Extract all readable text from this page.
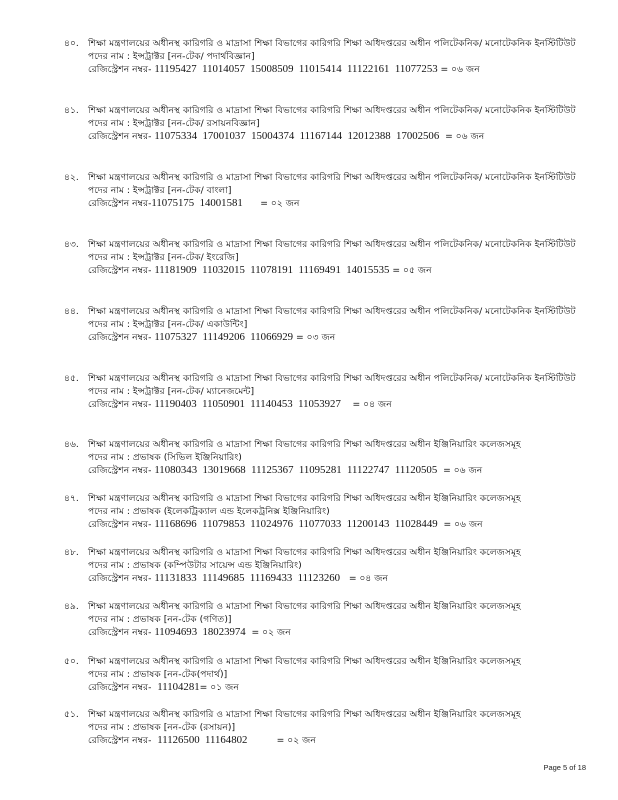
৪০. শিক্ষা মন্ত্রণালয়ের অধীনস্থ কারিগরি ও মাদ্রাসা শিক্ষা বিভাগের কারিগরি শিক্ষা অধিদপ্তরের অধীন পলিটেকনিক/ মনোটেকনিক ইনস্টিটিউট
পদের নাম : ইন্সট্রাক্টর [নন-টেক/ পদার্থবিজ্ঞান]
রেজিস্ট্রেশন নম্বর- 11195427  11014057  15008509  11015414  11122161  11077253 = ০৬ জন
৪১. শিক্ষা মন্ত্রণালয়ের অধীনস্থ কারিগরি ও মাদ্রাসা শিক্ষা বিভাগের কারিগরি শিক্ষা অধিদপ্তরের অধীন পলিটেকনিক/ মনোটেকনিক ইনস্টিটিউট
পদের নাম : ইন্সট্রাক্টর [নন-টেক/ রসায়নবিজ্ঞান]
রেজিস্ট্রেশন নম্বর- 11075334  17001037  15004374  11167144  12012388  17002506  = ০৬ জন
৪২. শিক্ষা মন্ত্রণালয়ের অধীনস্থ কারিগরি ও মাদ্রাসা শিক্ষা বিভাগের কারিগরি শিক্ষা অধিদপ্তরের অধীন পলিটেকনিক/ মনোটেকনিক ইনস্টিটিউট
পদের নাম : ইন্সট্রাক্টর [নন-টেক/ বাংলা]
রেজিস্ট্রেশন নম্বর-11075175  14001581      = ০২ জন
৪৩. শিক্ষা মন্ত্রণালয়ের অধীনস্থ কারিগরি ও মাদ্রাসা শিক্ষা বিভাগের কারিগরি শিক্ষা অধিদপ্তরের অধীন পলিটেকনিক/ মনোটেকনিক ইনস্টিটিউট
পদের নাম : ইন্সট্রাক্টর [নন-টেক/ ইংরেজি]
রেজিস্ট্রেশন নম্বর- 11181909  11032015  11078191  11169491  14015535 = ০৫ জন
৪৪. শিক্ষা মন্ত্রণালয়ের অধীনস্থ কারিগরি ও মাদ্রাসা শিক্ষা বিভাগের কারিগরি শিক্ষা অধিদপ্তরের অধীন পলিটেকনিক/ মনোটেকনিক ইনস্টিটিউট
পদের নাম : ইন্সট্রাক্টর [নন-টেক/ একাউন্টিং]
রেজিস্ট্রেশন নম্বর- 11075327  11149206  11066929 = ০৩ জন
৪৫. শিক্ষা মন্ত্রণালয়ের অধীনস্থ কারিগরি ও মাদ্রাসা শিক্ষা বিভাগের কারিগরি শিক্ষা অধিদপ্তরের অধীন পলিটেকনিক/ মনোটেকনিক ইনস্টিটিউট
পদের নাম : ইন্সট্রাক্টর [নন-টেক/ ম্যানেজমেন্ট]
রেজিস্ট্রেশন নম্বর- 11190403  11050901  11140453  11053927    = ০৪ জন
৪৬. শিক্ষা মন্ত্রণালয়ের অধীনস্থ কারিগরি ও মাদ্রাসা শিক্ষা বিভাগের কারিগরি শিক্ষা অধিদপ্তরের অধীন ইঞ্জিনিয়ারিং কলেজসমূহ
পদের নাম : প্রভাষক (সিভিল ইঞ্জিনিয়ারিং)
রেজিস্ট্রেশন নম্বর- 11080343  13019668  11125367  11095281  11122747  11120505  = ০৬ জন
৪৭. শিক্ষা মন্ত্রণালয়ের অধীনস্থ কারিগরি ও মাদ্রাসা শিক্ষা বিভাগের কারিগরি শিক্ষা অধিদপ্তরের অধীন ইঞ্জিনিয়ারিং কলেজসমূহ
পদের নাম : প্রভাষক (ইলেকট্রিক্যাল এন্ড ইলেকট্রনিক্স ইঞ্জিনিয়ারিং)
রেজিস্ট্রেশন নম্বর- 11168696  11079853  11024976  11077033  11200143  11028449  = ০৬ জন
৪৮. শিক্ষা মন্ত্রণালয়ের অধীনস্থ কারিগরি ও মাদ্রাসা শিক্ষা বিভাগের কারিগরি শিক্ষা অধিদপ্তরের অধীন ইঞ্জিনিয়ারিং কলেজসমূহ
পদের নাম : প্রভাষক (কম্পিউটার সায়েন্স এন্ড ইঞ্জিনিয়ারিং)
রেজিস্ট্রেশন নম্বর- 11131833  11149685  11169433  11123260   = ০৪ জন
৪৯. শিক্ষা মন্ত্রণালয়ের অধীনস্থ কারিগরি ও মাদ্রাসা শিক্ষা বিভাগের কারিগরি শিক্ষা অধিদপ্তরের অধীন ইঞ্জিনিয়ারিং কলেজসমূহ
পদের নাম : প্রভাষক [নন-টেক (গণিত)]
রেজিস্ট্রেশন নম্বর- 11094693  18023974  = ০২ জন
৫০. শিক্ষা মন্ত্রণালয়ের অধীনস্থ কারিগরি ও মাদ্রাসা শিক্ষা বিভাগের কারিগরি শিক্ষা অধিদপ্তরের অধীন ইঞ্জিনিয়ারিং কলেজসমূহ
পদের নাম : প্রভাষক [নন-টেক(পদার্থ)]
রেজিস্ট্রেশন নম্বর-  11104281= ০১ জন
৫১. শিক্ষা মন্ত্রণালয়ের অধীনস্থ কারিগরি ও মাদ্রাসা শিক্ষা বিভাগের কারিগরি শিক্ষা অধিদপ্তরের অধীন ইঞ্জিনিয়ারিং কলেজসমূহ
পদের নাম : প্রভাষক [নন-টেক (রসায়ন)]
রেজিস্ট্রেশন নম্বর-  11126500  11164802          = ০২ জন
Page 5 of 18
